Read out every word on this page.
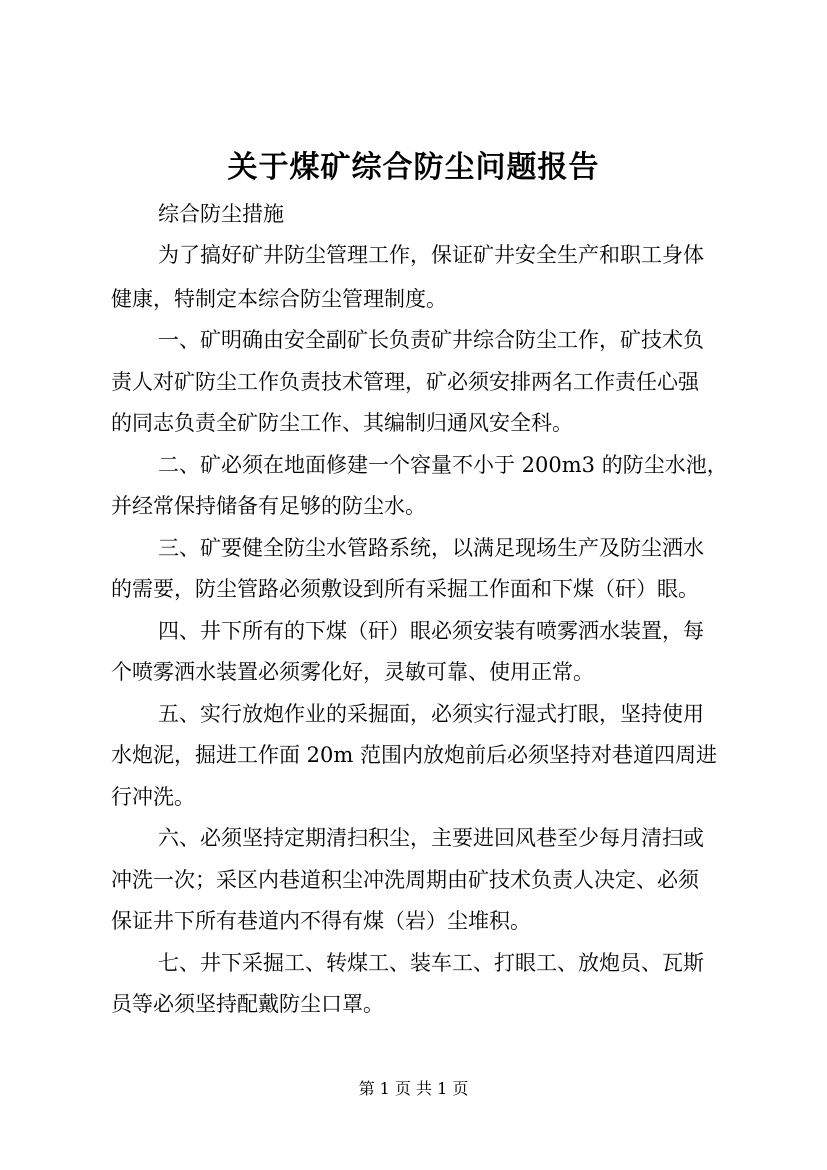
关于煤矿综合防尘问题报告
综合防尘措施
为了搞好矿井防尘管理工作，保证矿井安全生产和职工身体
健康，特制定本综合防尘管理制度。
一、矿明确由安全副矿长负责矿井综合防尘工作，矿技术负
责人对矿防尘工作负责技术管理，矿必须安排两名工作责任心强
的同志负责全矿防尘工作、其编制归通风安全科。
二、矿必须在地面修建一个容量不小于 200m3 的防尘水池，
并经常保持储备有足够的防尘水。
三、矿要健全防尘水管路系统，以满足现场生产及防尘洒水
的需要，防尘管路必须敷设到所有采掘工作面和下煤（矸）眼。
四、井下所有的下煤（矸）眼必须安装有喷雾洒水装置，每
个喷雾洒水装置必须雾化好，灵敏可靠、使用正常。
五、实行放炮作业的采掘面，必须实行湿式打眼，坚持使用
水炮泥，掘进工作面 20m 范围内放炮前后必须坚持对巷道四周进
行冲洗。
六、必须坚持定期清扫积尘，主要进回风巷至少每月清扫或
冲洗一次；采区内巷道积尘冲洗周期由矿技术负责人决定、必须
保证井下所有巷道内不得有煤（岩）尘堆积。
七、井下采掘工、转煤工、装车工、打眼工、放炮员、瓦斯
员等必须坚持配戴防尘口罩。
第 1 页 共 1 页
